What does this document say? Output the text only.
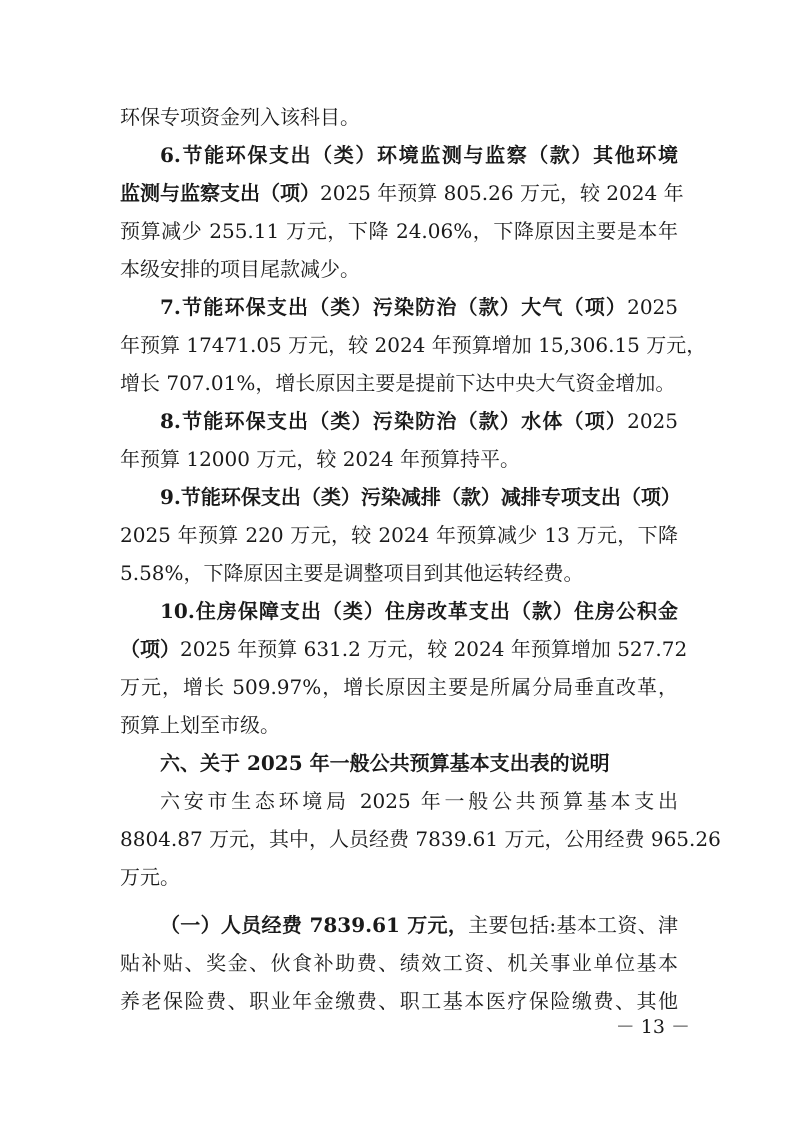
环保专项资金列入该科目。
6.节能环保支出（类）环境监测与监察（款）其他环境
监测与监察支出（项）2025 年预算 805.26 万元，较 2024 年
预算减少 255.11 万元，下降 24.06%，下降原因主要是本年
本级安排的项目尾款减少。
7.节能环保支出（类）污染防治（款）大气（项）2025
年预算 17471.05 万元，较 2024 年预算增加 15,306.15 万元，
增长 707.01%，增长原因主要是提前下达中央大气资金增加。
8.节能环保支出（类）污染防治（款）水体（项）2025
年预算 12000 万元，较 2024 年预算持平。
9.节能环保支出（类）污染减排（款）减排专项支出（项）
2025 年预算 220 万元，较 2024 年预算减少 13 万元，下降
5.58%，下降原因主要是调整项目到其他运转经费。
10.住房保障支出（类）住房改革支出（款）住房公积金
（项）2025 年预算 631.2 万元，较 2024 年预算增加 527.72
万元，增长 509.97%，增长原因主要是所属分局垂直改革，
预算上划至市级。
六、关于 2025 年一般公共预算基本支出表的说明
六安市生态环境局 2025 年一般公共预算基本支出
8804.87 万元，其中，人员经费 7839.61 万元，公用经费 965.26
万元。
（一）人员经费 7839.61 万元，主要包括:基本工资、津
贴补贴、奖金、伙食补助费、绩效工资、机关事业单位基本
养老保险费、职业年金缴费、职工基本医疗保险缴费、其他
－ 13 －
